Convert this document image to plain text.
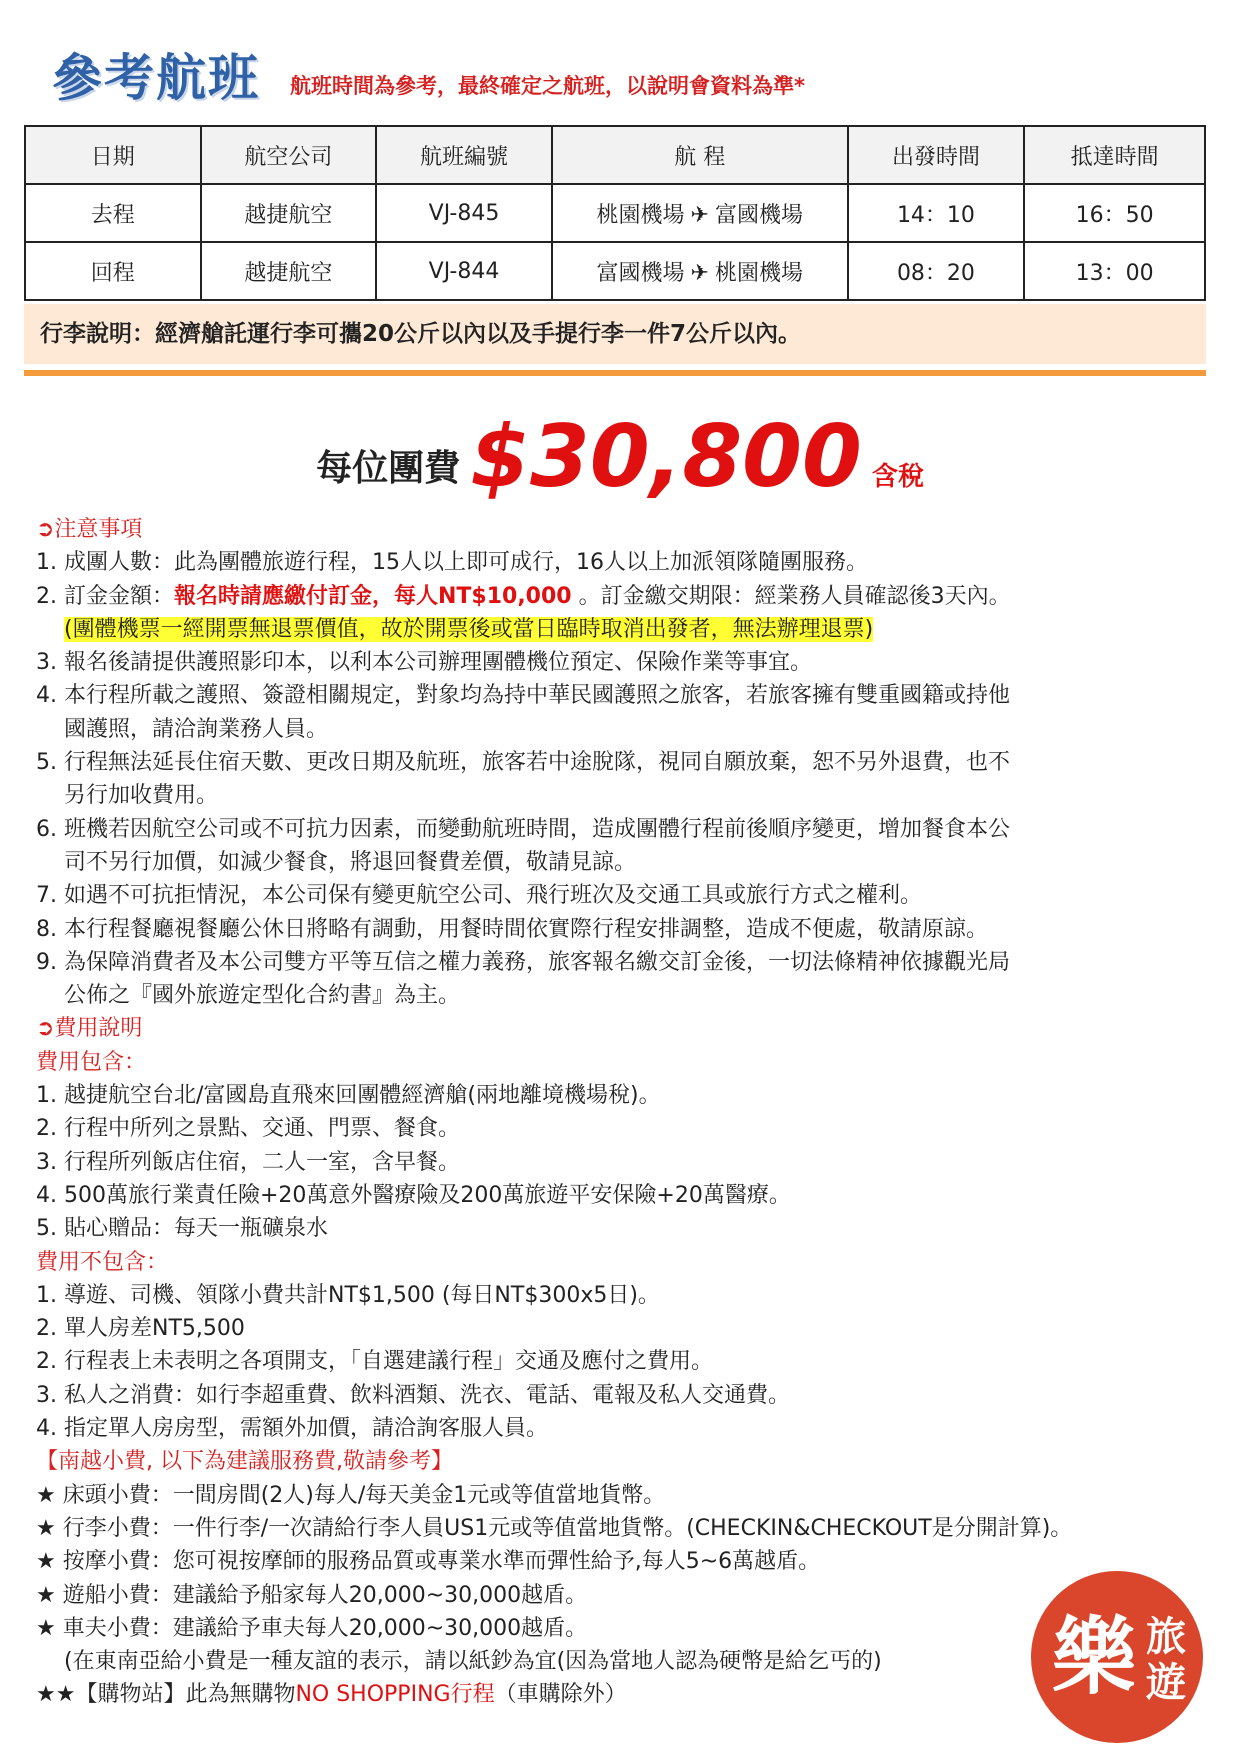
參考航班 航班時間為參考，最終確定之航班，以說明會資料為準*
日期	航空公司	航班編號	航 程	出發時間	抵達時間
去程	越捷航空	VJ-845	桃園機場 ✈ 富國機場	14：10	16：50
回程	越捷航空	VJ-844	富國機場 ✈ 桃園機場	08：20	13：00
行李說明：經濟艙託運行李可攜20公斤以內以及手提行李一件7公斤以內。
每位團費 $30,800 含稅
➲注意事項
1. 成團人數：此為團體旅遊行程，15人以上即可成行，16人以上加派領隊隨團服務。
2. 訂金金額：報名時請應繳付訂金，每人NT$10,000 。訂金繳交期限：經業務人員確認後3天內。
(團體機票一經開票無退票價值，故於開票後或當日臨時取消出發者，無法辦理退票)
3. 報名後請提供護照影印本，以利本公司辦理團體機位預定、保險作業等事宜。
4. 本行程所載之護照、簽證相關規定，對象均為持中華民國護照之旅客，若旅客擁有雙重國籍或持他
國護照，請洽詢業務人員。
5. 行程無法延長住宿天數、更改日期及航班，旅客若中途脫隊，視同自願放棄，恕不另外退費，也不
另行加收費用。
6. 班機若因航空公司或不可抗力因素，而變動航班時間，造成團體行程前後順序變更，增加餐食本公
司不另行加價，如減少餐食，將退回餐費差價，敬請見諒。
7. 如遇不可抗拒情況，本公司保有變更航空公司、飛行班次及交通工具或旅行方式之權利。
8. 本行程餐廳視餐廳公休日將略有調動，用餐時間依實際行程安排調整，造成不便處，敬請原諒。
9. 為保障消費者及本公司雙方平等互信之權力義務，旅客報名繳交訂金後，一切法條精神依據觀光局
公佈之『國外旅遊定型化合約書』為主。
➲費用說明
費用包含：
1. 越捷航空台北/富國島直飛來回團體經濟艙(兩地離境機場稅)。
2. 行程中所列之景點、交通、門票、餐食。
3. 行程所列飯店住宿，二人一室，含早餐。
4. 500萬旅行業責任險+20萬意外醫療險及200萬旅遊平安保險+20萬醫療。
5. 貼心贈品：每天一瓶礦泉水
費用不包含：
1. 導遊、司機、領隊小費共計NT$1,500 (每日NT$300x5日)。
2. 單人房差NT5,500
2. 行程表上未表明之各項開支，「自選建議行程」交通及應付之費用。
3. 私人之消費：如行李超重費、飲料酒類、洗衣、電話、電報及私人交通費。
4. 指定單人房房型，需額外加價，請洽詢客服人員。
【南越小費, 以下為建議服務費,敬請參考】
★ 床頭小費：一間房間(2人)每人/每天美金1元或等值當地貨幣。
★ 行李小費：一件行李/一次請給行李人員US1元或等值當地貨幣。(CHECKIN&CHECKOUT是分開計算)。
★ 按摩小費：您可視按摩師的服務品質或專業水準而彈性給予,每人5~6萬越盾。
★ 遊船小費：建議給予船家每人20,000~30,000越盾。
★ 車夫小費：建議給予車夫每人20,000~30,000越盾。
(在東南亞給小費是一種友誼的表示，請以紙鈔為宜(因為當地人認為硬幣是給乞丐的)
★★【購物站】此為無購物NO SHOPPING行程（車購除外）	樂 旅
遊
